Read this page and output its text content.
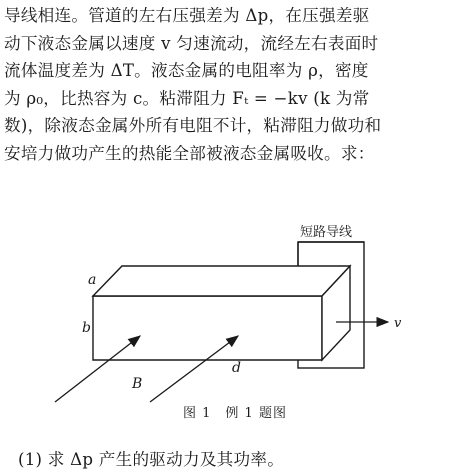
导线相连。管道的左右压强差为 Δp，在压强差驱
动下液态金属以速度 v 匀速流动，流经左右表面时
流体温度差为 ΔT。液态金属的电阻率为 ρ，密度
为 ρ₀，比热容为 c。粘滞阻力 Fₜ = −kv (k 为常
数)，除液态金属外所有电阻不计，粘滞阻力做功和
安培力做功产生的热能全部被液态金属吸收。求：
a
b
d
B
v
短路导线
图 1　例 1 题图
(1) 求 Δp 产生的驱动力及其功率。
